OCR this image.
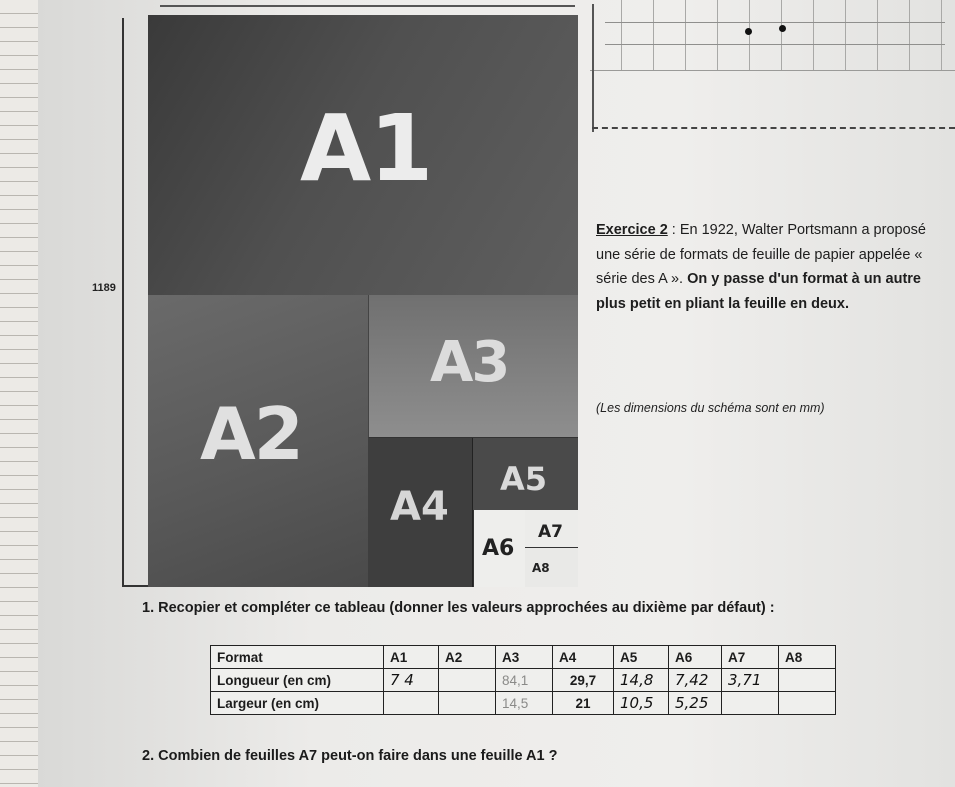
1189
A1
A2
A3
A4
A5
A6
A7
A8
Exercice 2 : En 1922, Walter Portsmann a proposé une série de formats de feuille de papier appelée « série des A ». On y passe d'un format à un autre plus petit en pliant la feuille en deux.
(Les dimensions du schéma sont en mm)
1. Recopier et compléter ce tableau (donner les valeurs approchées au dixième par défaut) :
Format	A1	A2	A3	A4	A5	A6	A7	A8
Longueur (en cm)	7 4		84,1	29,7	14,8	7,42	3,71	
Largeur (en cm)			14,5	21	10,5	5,25		
2. Combien de feuilles A7 peut-on faire dans une feuille A1 ?
